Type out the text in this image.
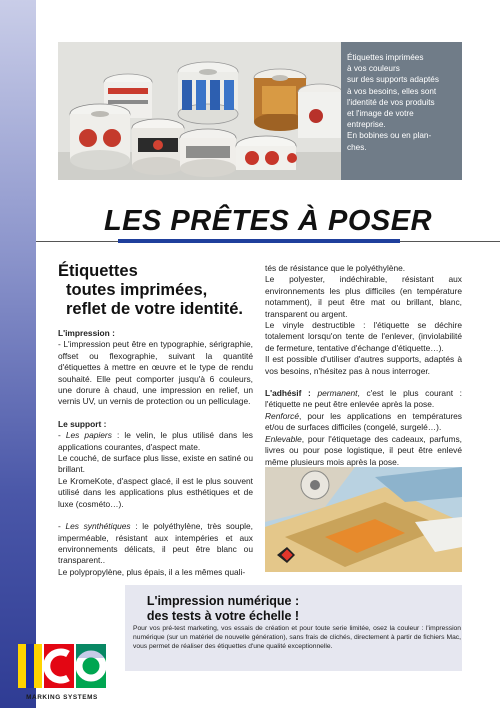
Étiquettes imprimées

à vos couleurs

sur des supports adaptés

à vos besoins, elles sont

l'identité de vos produits

et l'image de votre

entreprise.

En bobines ou en plan-

ches.

LES PRÊTES À POSER
Étiquettes
toutes imprimées,
reflet de votre identité.

L'impression :

- L'impression peut être en typographie, sérigraphie, offset ou flexographie, suivant la quantité d'étiquettes à mettre en œuvre et le type de rendu souhaité. Elle peut comporter jusqu'à 6 couleurs, une dorure à chaud, une impression en relief, un vernis UV, un vernis de protection ou un pelliculage.

Le support :

- Les papiers : le velin, le plus utilisé dans les applications courantes, d'aspect mate.

Le couché, de surface plus lisse, existe en satiné ou brillant.

Le KromeKote, d'aspect glacé, il est le plus souvent utilisé dans les applications plus esthétiques et de luxe (cosméto…).

- Les synthétiques : le polyéthylène, très souple, imperméable, résistant aux intempéries et aux environnements délicats, il peut être blanc ou transparent..

Le polypropylène, plus épais, il a les mêmes quali-

tés de résistance que le polyéthylène.

Le polyester, indéchirable, résistant aux environnements les plus difficiles (en température notamment), il peut être mat ou brillant, blanc, transparent ou argent.

Le vinyle destructible : l'étiquette se déchire totalement lorsqu'on tente de l'enlever, (inviolabilité de fermeture, tentative d'échange d'étiquette…).

Il est possible d'utiliser d'autres supports, adaptés à vos besoins, n'hésitez pas à nous interroger.

L'adhésif : permanent, c'est le plus courant : l'étiquette ne peut être enlevée après la pose.

Renforcé, pour les applications en températures et/ou de surfaces difficiles (congelé, surgelé…).

Enlevable, pour l'étiquetage des cadeaux, parfums, livres ou pour pose logistique, il peut être enlevé même plusieurs mois après la pose.

L'impression numérique :
des tests à votre échelle !

Pour vos pré-test marketing, vos essais de création et pour toute serie limitée, osez la couleur : l'impression numérique (sur un matériel de nouvelle génération), sans frais de clichés, directement à partir de fichiers Mac, vous permet de réaliser des étiquettes d'une qualité exceptionnelle.

MARKING SYSTEMS
